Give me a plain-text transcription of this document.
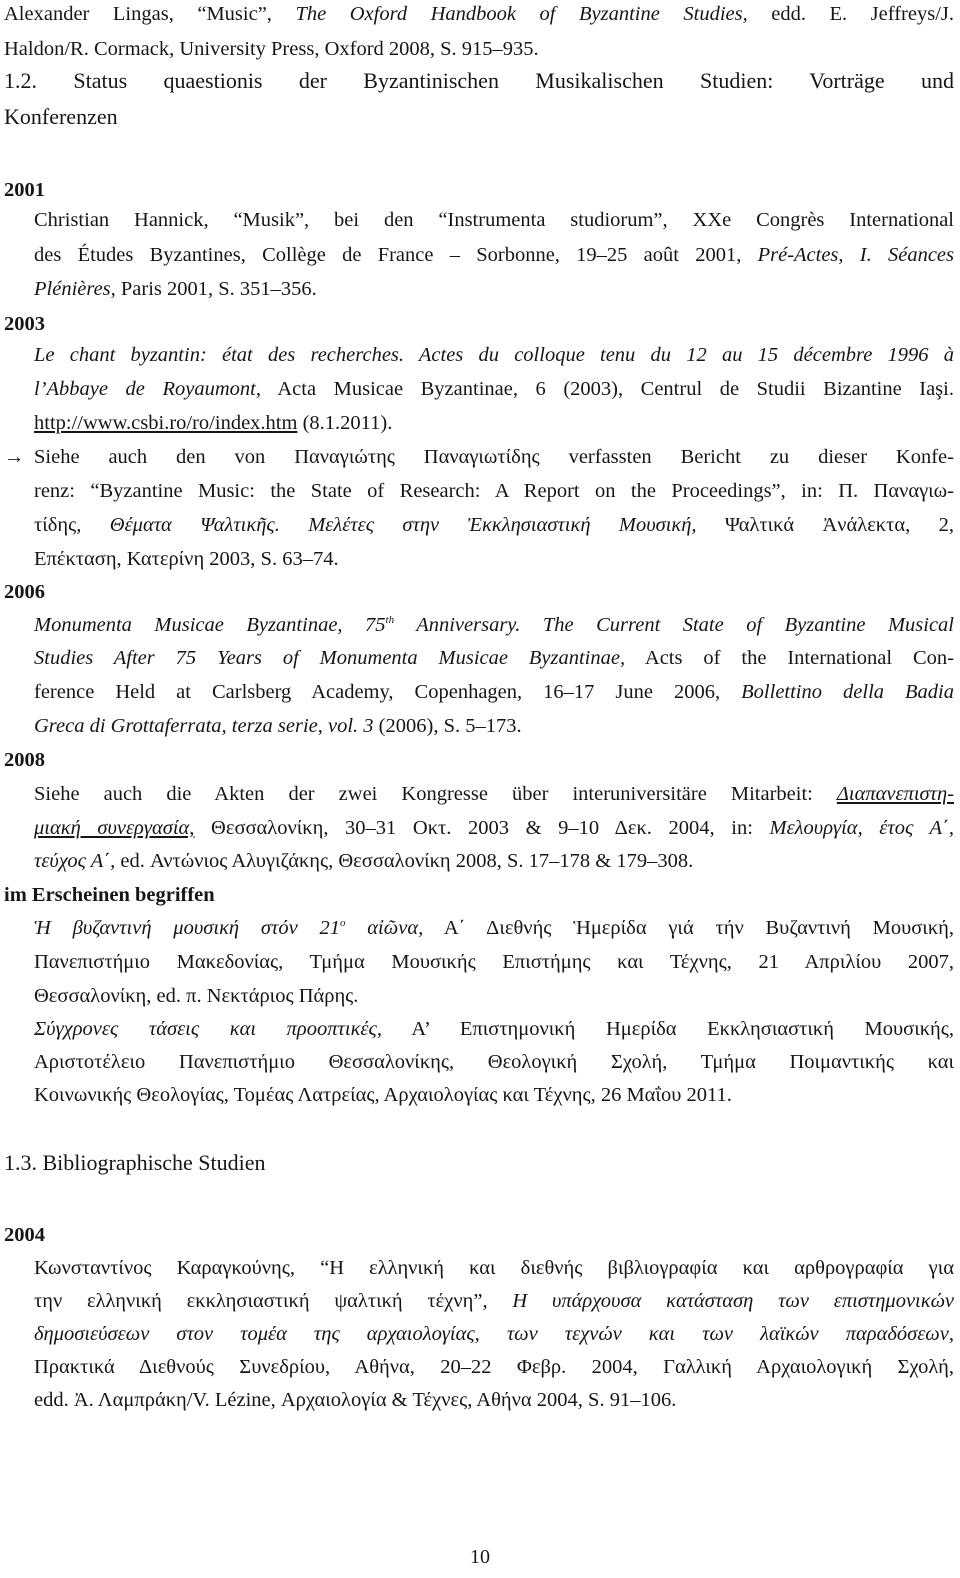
Alexander Lingas, “Music”, The Oxford Handbook of Byzantine Studies, edd. E. Jeffreys/J.
Haldon/R. Cormack, University Press, Oxford 2008, S. 915–935.
1.2. Status quaestionis der Byzantinischen Musikalischen Studien: Vorträge und
Konferenzen
2001
Christian Hannick, “Musik”, bei den “Instrumenta studiorum”, XXe Congrès International
des Études Byzantines, Collège de France – Sorbonne, 19–25 août 2001, Pré-Actes, I. Séances
Plénières, Paris 2001, S. 351–356.
2003
Le chant byzantin: état des recherches. Actes du colloque tenu du 12 au 15 décembre 1996 à
l’Abbaye de Royaumont, Acta Musicae Byzantinae, 6 (2003), Centrul de Studii Bizantine Iaşi.
http://www.csbi.ro/ro/index.htm (8.1.2011).
→ Siehe auch den von Παναγιώτης Παναγιωτίδης verfassten Bericht zu dieser Konfe-
renz: “Byzantine Music: the State of Research: A Report on the Proceedings”, in: Π. Παναγιω-
τίδης, Θέματα Ψαλτικῆς. Μελέτες στην Ἐκκλησιαστική Μουσική, Ψαλτικά Ἀνάλεκτα, 2,
Επέκταση, Κατερίνη 2003, S. 63–74.
2006
Monumenta Musicae Byzantinae, 75th Anniversary. The Current State of Byzantine Musical
Studies After 75 Years of Monumenta Musicae Byzantinae, Acts of the International Con-
ference Held at Carlsberg Academy, Copenhagen, 16–17 June 2006, Bollettino della Badia
Greca di Grottaferrata, terza serie, vol. 3 (2006), S. 5–173.
2008
Siehe auch die Akten der zwei Kongresse über interuniversitäre Mitarbeit: Διαπανεπιστη-
μιακή συνεργασία, Θεσσαλονίκη, 30–31 Οκτ. 2003 & 9–10 Δεκ. 2004, in: Μελουργία, έτος Α΄,
τεύχος Α΄, ed. Αντώνιος Αλυγιζάκης, Θεσσαλονίκη 2008, S. 17–178 & 179–308.
im Erscheinen begriffen
Ἡ βυζαντινή μουσική στόν $21^o$ αἰῶνα, Α΄ Διεθνής Ἡμερίδα γιά τήν Βυζαντινή Μουσική,
Πανεπιστήμιο Μακεδονίας, Τμήμα Μουσικής Επιστήμης και Τέχνης, 21 Απριλίου 2007,
Θεσσαλονίκη, ed. π. Νεκτάριος Πάρης.
Σύγχρονες τάσεις και προοπτικές, Α’ Επιστημονική Ημερίδα Εκκλησιαστική Μουσικής,
Αριστοτέλειο Πανεπιστήμιο Θεσσαλονίκης, Θεολογική Σχολή, Τμήμα Ποιμαντικής και
Κοινωνικής Θεολογίας, Τομέας Λατρείας, Αρχαιολογίας και Τέχνης, 26 Μαΐου 2011.
1.3. Bibliographische Studien
2004
Κωνσταντίνος Καραγκούνης, “Η ελληνική και διεθνής βιβλιογραφία και αρθρογραφία για
την ελληνική εκκλησιαστική ψαλτική τέχνη”, Η υπάρχουσα κατάσταση των επιστημονικών
δημοσιεύσεων στον τομέα της αρχαιολογίας, των τεχνών και των λαϊκών παραδόσεων,
Πρακτικά Διεθνούς Συνεδρίου, Αθήνα, 20–22 Φεβρ. 2004, Γαλλική Αρχαιολογική Σχολή,
edd. Ἀ. Λαμπράκη/V. Lézine, Αρχαιολογία & Τέχνες, Αθήνα 2004, S. 91–106.
10
